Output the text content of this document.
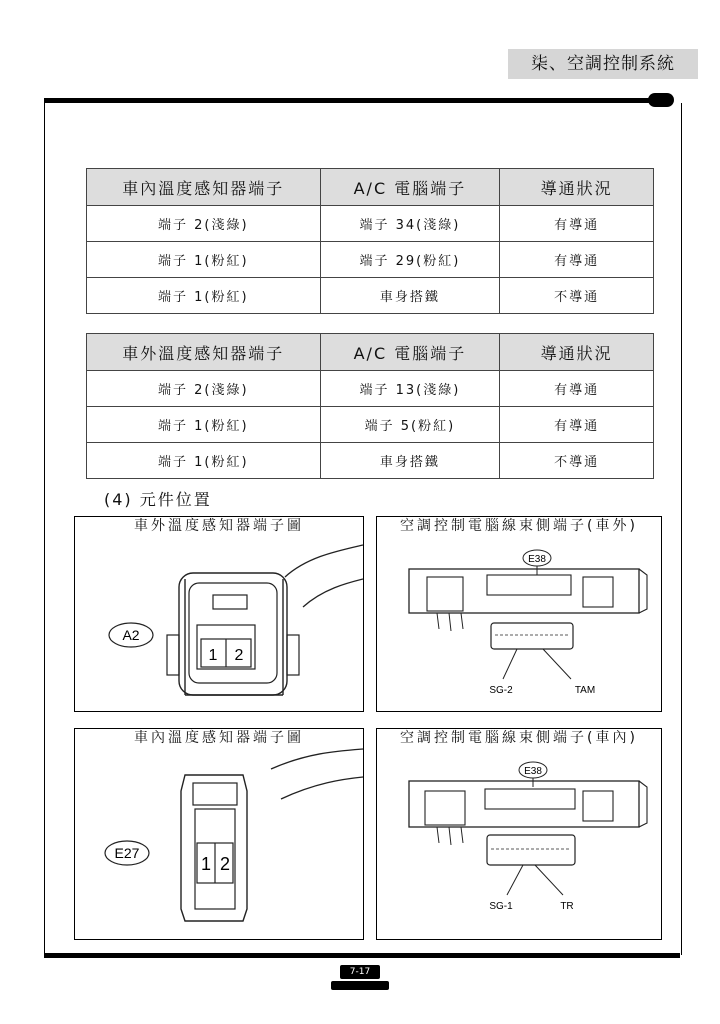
柒、空調控制系統
車內溫度感知器端子	A/C 電腦端子	導通狀況
端子 2(淺綠)	端子 34(淺綠)	有導通
端子 1(粉紅)	端子 29(粉紅)	有導通
端子 1(粉紅)	車身搭鐵	不導通
車外溫度感知器端子	A/C 電腦端子	導通狀況
端子 2(淺綠)	端子 13(淺綠)	有導通
端子 1(粉紅)	端子 5(粉紅)	有導通
端子 1(粉紅)	車身搭鐵	不導通
(4) 元件位置
車外溫度感知器端子圖
A2
1 2
空調控制電腦線束側端子(車外)
E38
SG-2	TAM
車內溫度感知器端子圖
E27
1 2
空調控制電腦線束側端子(車內)
E38
SG-1	TR
7-17
